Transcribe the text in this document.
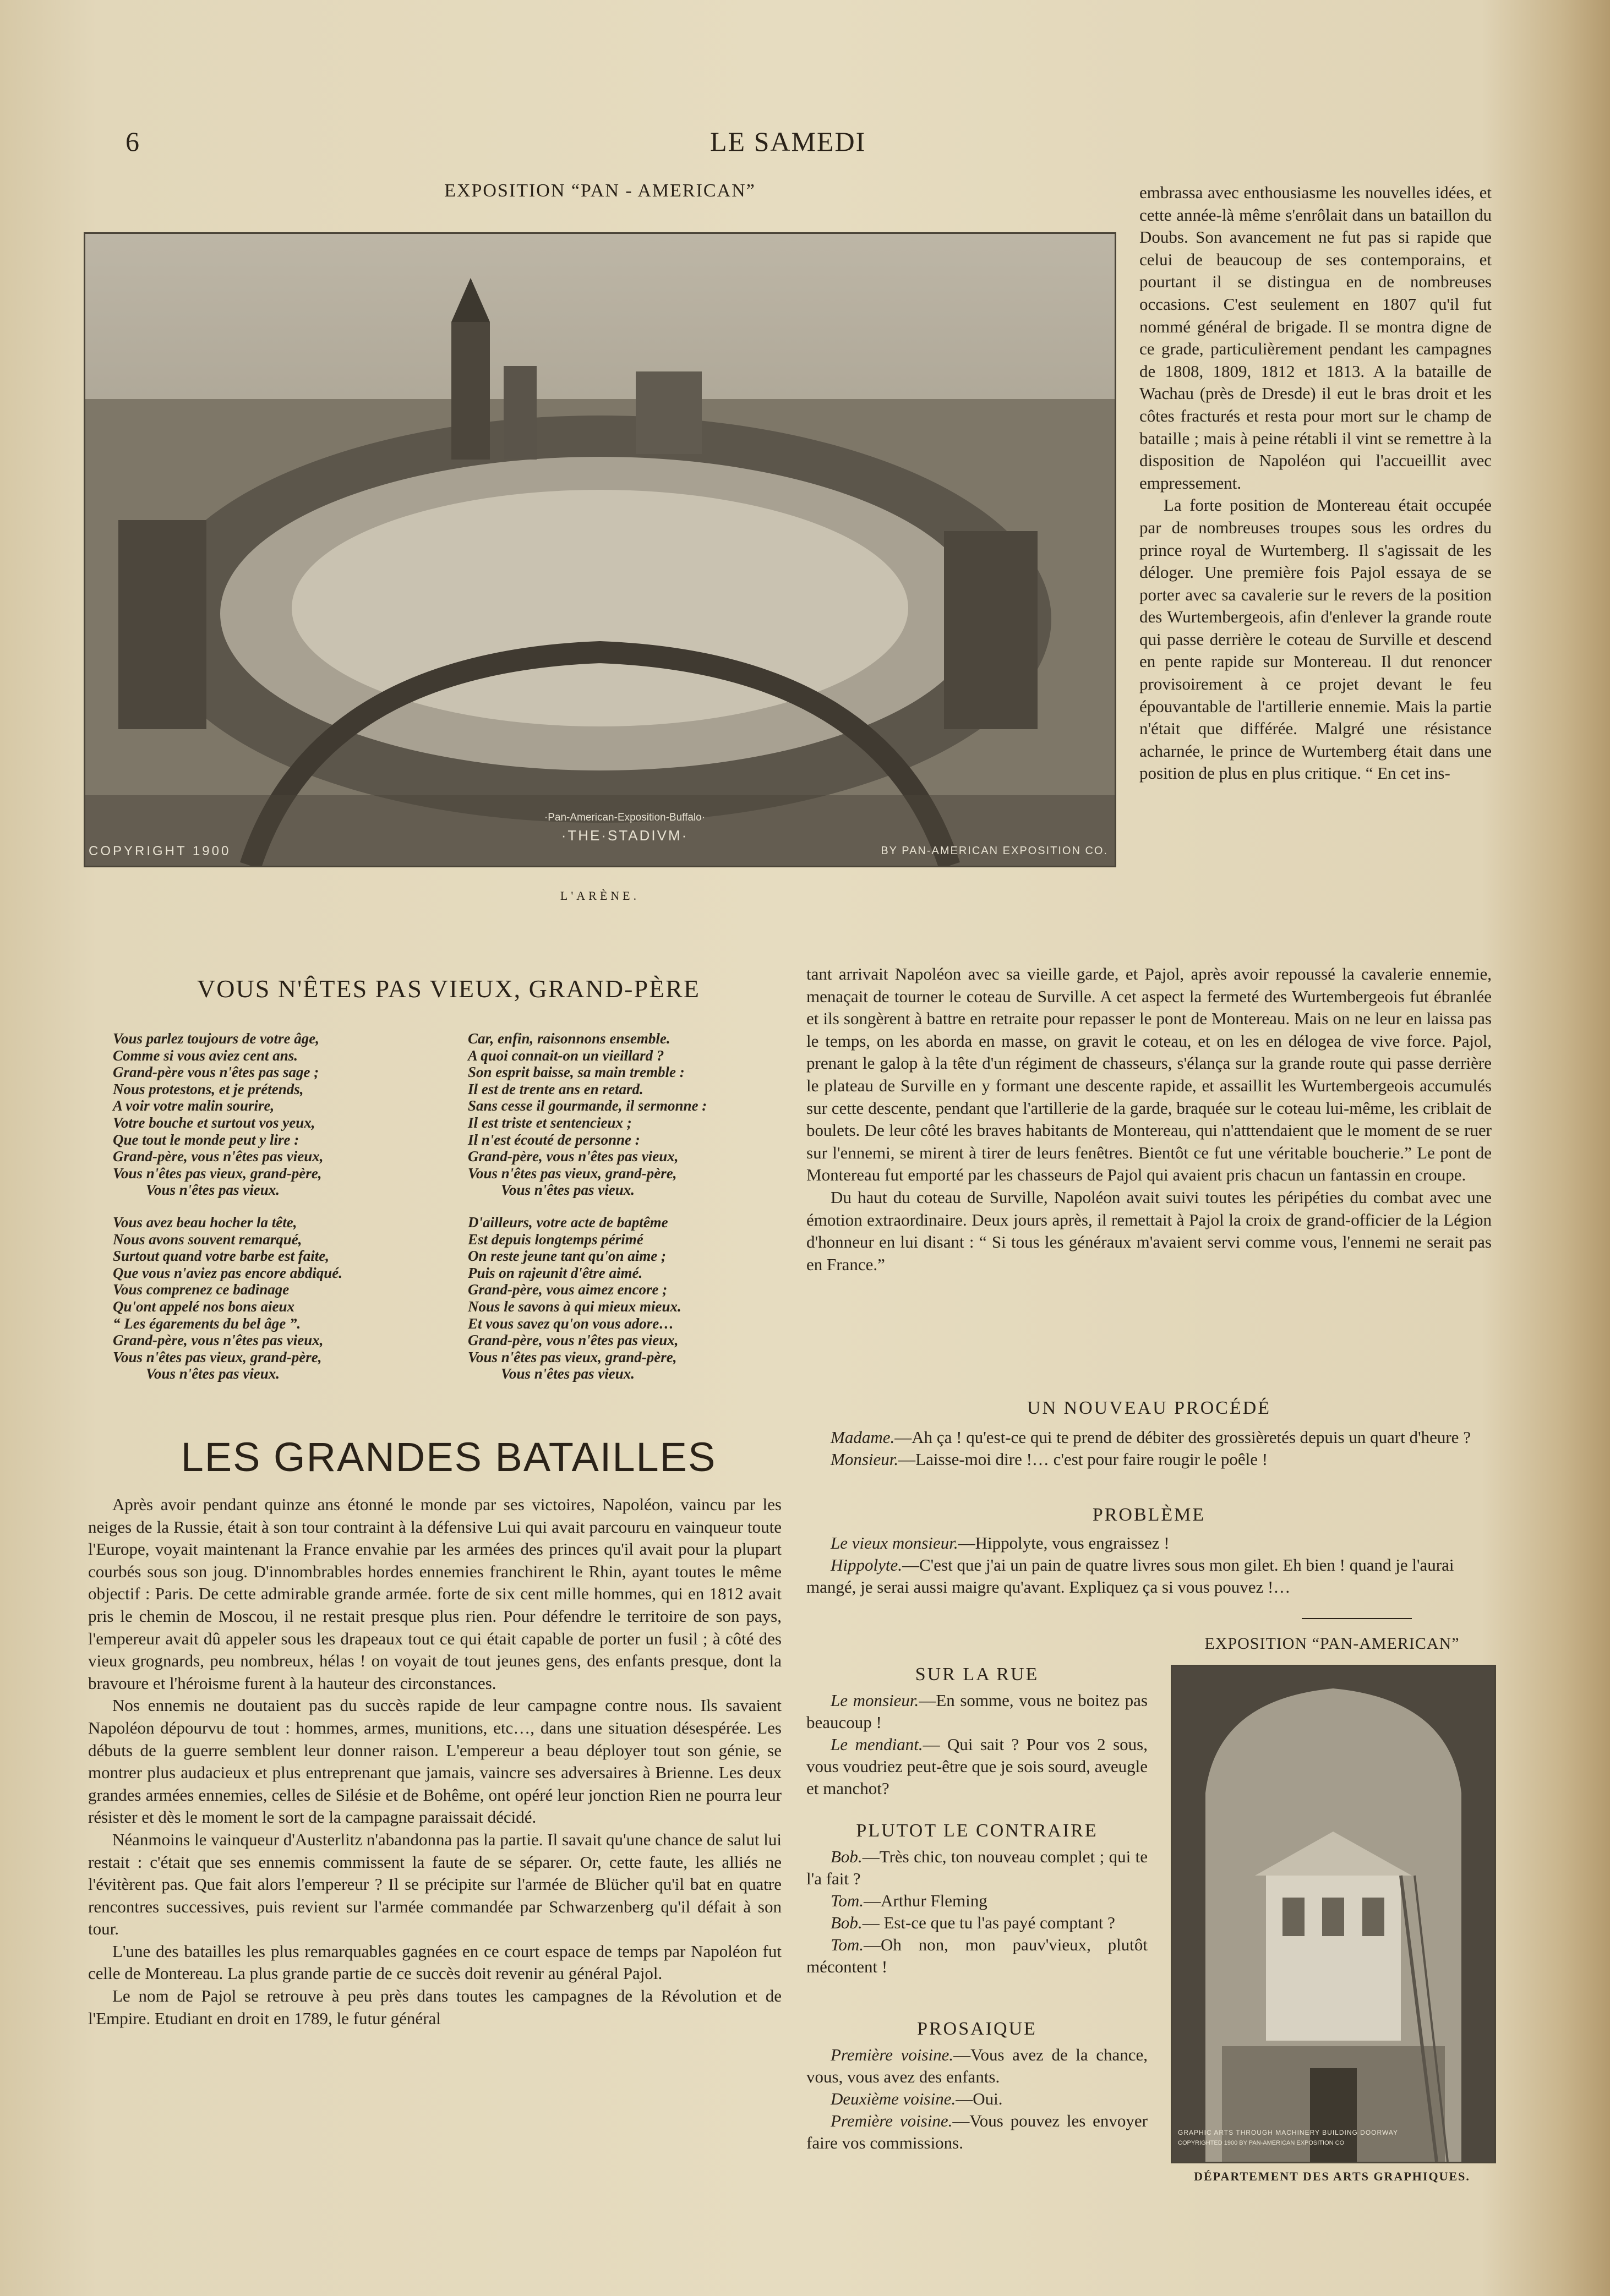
6	LE SAMEDI
EXPOSITION “PAN - AMERICAN”
·Pan-American-Exposition-Buffalo·
·THE·STADIVM·
COPYRIGHT 1900	BY PAN-AMERICAN EXPOSITION CO.
L'ARÈNE.

embrassa avec enthousiasme les nouvelles idées, et cette année-là même s'enrôlait dans un bataillon du Doubs. Son avancement ne fut pas si rapide que celui de beaucoup de ses contemporains, et pourtant il se distingua en de nombreuses occasions. C'est seulement en 1807 qu'il fut nommé général de brigade. Il se montra digne de ce grade, particulièrement pendant les campagnes de 1808, 1809, 1812 et 1813. A la bataille de Wachau (près de Dresde) il eut le bras droit et les côtes fracturés et resta pour mort sur le champ de bataille ; mais à peine rétabli il vint se remettre à la disposition de Napoléon qui l'accueillit avec empressement.

La forte position de Montereau était occupée par de nombreuses troupes sous les ordres du prince royal de Wurtemberg. Il s'agissait de les déloger. Une première fois Pajol essaya de se porter avec sa cavalerie sur le revers de la position des Wurtembergeois, afin d'enlever la grande route qui passe derrière le coteau de Surville et descend en pente rapide sur Montereau. Il dut renoncer provisoirement à ce projet devant le feu épouvantable de l'artillerie ennemie. Mais la partie n'était que différée. Malgré une résistance acharnée, le prince de Wurtemberg était dans une position de plus en plus critique. “ En cet ins-

VOUS N'ÊTES PAS VIEUX, GRAND-PÈRE
Vous parlez toujours de votre âge,
Comme si vous aviez cent ans.
Grand-père vous n'êtes pas sage ;
Nous protestons, et je prétends,
A voir votre malin sourire,
Votre bouche et surtout vos yeux,
Que tout le monde peut y lire :
Grand-père, vous n'êtes pas vieux,
Vous n'êtes pas vieux, grand-père,
Vous n'êtes pas vieux.
Vous avez beau hocher la tête,
Nous avons souvent remarqué,
Surtout quand votre barbe est faite,
Que vous n'aviez pas encore abdiqué.
Vous comprenez ce badinage
Qu'ont appelé nos bons aieux
“ Les égarements du bel âge ”.
Grand-père, vous n'êtes pas vieux,
Vous n'êtes pas vieux, grand-père,
Vous n'êtes pas vieux.
Car, enfin, raisonnons ensemble.
A quoi connait-on un vieillard ?
Son esprit baisse, sa main tremble :
Il est de trente ans en retard.
Sans cesse il gourmande, il sermonne :
Il est triste et sentencieux ;
Il n'est écouté de personne :
Grand-père, vous n'êtes pas vieux,
Vous n'êtes pas vieux, grand-père,
Vous n'êtes pas vieux.
D'ailleurs, votre acte de baptême
Est depuis longtemps périmé
On reste jeune tant qu'on aime ;
Puis on rajeunit d'être aimé.
Grand-père, vous aimez encore ;
Nous le savons à qui mieux mieux.
Et vous savez qu'on vous adore…
Grand-père, vous n'êtes pas vieux,
Vous n'êtes pas vieux, grand-père,
Vous n'êtes pas vieux.
LES GRANDES BATAILLES

Après avoir pendant quinze ans étonné le monde par ses victoires, Napoléon, vaincu par les neiges de la Russie, était à son tour contraint à la défensive Lui qui avait parcouru en vainqueur toute l'Europe, voyait maintenant la France envahie par les armées des princes qu'il avait pour la plupart courbés sous son joug. D'innombrables hordes ennemies franchirent le Rhin, ayant toutes le même objectif : Paris. De cette admirable grande armée. forte de six cent mille hommes, qui en 1812 avait pris le chemin de Moscou, il ne restait presque plus rien. Pour défendre le territoire de son pays, l'empereur avait dû appeler sous les drapeaux tout ce qui était capable de porter un fusil ; à côté des vieux grognards, peu nombreux, hélas ! on voyait de tout jeunes gens, des enfants presque, dont la bravoure et l'héroisme furent à la hauteur des circonstances.

Nos ennemis ne doutaient pas du succès rapide de leur campagne contre nous. Ils savaient Napoléon dépourvu de tout : hommes, armes, munitions, etc…, dans une situation désespérée. Les débuts de la guerre semblent leur donner raison. L'empereur a beau déployer tout son génie, se montrer plus audacieux et plus entreprenant que jamais, vaincre ses adversaires à Brienne. Les deux grandes armées ennemies, celles de Silésie et de Bohême, ont opéré leur jonction Rien ne pourra leur résister et dès le moment le sort de la campagne paraissait décidé.

Néanmoins le vainqueur d'Austerlitz n'abandonna pas la partie. Il savait qu'une chance de salut lui restait : c'était que ses ennemis commissent la faute de se séparer. Or, cette faute, les alliés ne l'évitèrent pas. Que fait alors l'empereur ? Il se précipite sur l'armée de Blücher qu'il bat en quatre rencontres successives, puis revient sur l'armée commandée par Schwarzenberg qu'il défait à son tour.

L'une des batailles les plus remarquables gagnées en ce court espace de temps par Napoléon fut celle de Montereau. La plus grande partie de ce succès doit revenir au général Pajol.

Le nom de Pajol se retrouve à peu près dans toutes les campagnes de la Révolution et de l'Empire. Etudiant en droit en 1789, le futur général

tant arrivait Napoléon avec sa vieille garde, et Pajol, après avoir repoussé la cavalerie ennemie, menaçait de tourner le coteau de Surville. A cet aspect la fermeté des Wurtembergeois fut ébranlée et ils songèrent à battre en retraite pour repasser le pont de Montereau. Mais on ne leur en laissa pas le temps, on les aborda en masse, on gravit le coteau, et on les en délogea de vive force. Pajol, prenant le galop à la tête d'un régiment de chasseurs, s'élança sur la grande route qui passe derrière le plateau de Surville en y formant une descente rapide, et assaillit les Wurtembergeois accumulés sur cette descente, pendant que l'artillerie de la garde, braquée sur le coteau lui-même, les criblait de boulets. De leur côté les braves habitants de Montereau, qui n'atttendaient que le moment de se ruer sur l'ennemi, se mirent à tirer de leurs fenêtres. Bientôt ce fut une véritable boucherie.” Le pont de Montereau fut emporté par les chasseurs de Pajol qui avaient pris chacun un fantassin en croupe.

Du haut du coteau de Surville, Napoléon avait suivi toutes les péripéties du combat avec une émotion extraordinaire. Deux jours après, il remettait à Pajol la croix de grand-officier de la Légion d'honneur en lui disant : “ Si tous les généraux m'avaient servi comme vous, l'ennemi ne serait pas en France.”

UN NOUVEAU PROCÉDÉ

Madame.—Ah ça ! qu'est-ce qui te prend de débiter des grossièretés depuis un quart d'heure ?

Monsieur.—Laisse-moi dire !… c'est pour faire rougir le poêle !

PROBLÈME

Le vieux monsieur.—Hippolyte, vous engraissez !

Hippolyte.—C'est que j'ai un pain de quatre livres sous mon gilet. Eh bien ! quand je l'aurai mangé, je serai aussi maigre qu'avant. Expliquez ça si vous pouvez !…

SUR LA RUE

Le monsieur.—En somme, vous ne boitez pas beaucoup !

Le mendiant.— Qui sait ? Pour vos 2 sous, vous voudriez peut-être que je sois sourd, aveugle et manchot?

PLUTOT LE CONTRAIRE

Bob.—Très chic, ton nouveau complet ; qui te l'a fait ?

Tom.—Arthur Fleming

Bob.— Est-ce que tu l'as payé comptant ?

Tom.—Oh non, mon pauv'vieux, plutôt mécontent !

PROSAIQUE

Première voisine.—Vous avez de la chance, vous, vous avez des enfants.

Deuxième voisine.—Oui.

Première voisine.—Vous pouvez les envoyer faire vos commissions.

EXPOSITION “PAN-AMERICAN”
GRAPHIC ARTS THROUGH MACHINERY BUILDING DOORWAY
COPYRIGHTED 1900 BY PAN-AMERICAN EXPOSITION CO
DÉPARTEMENT DES ARTS GRAPHIQUES.
